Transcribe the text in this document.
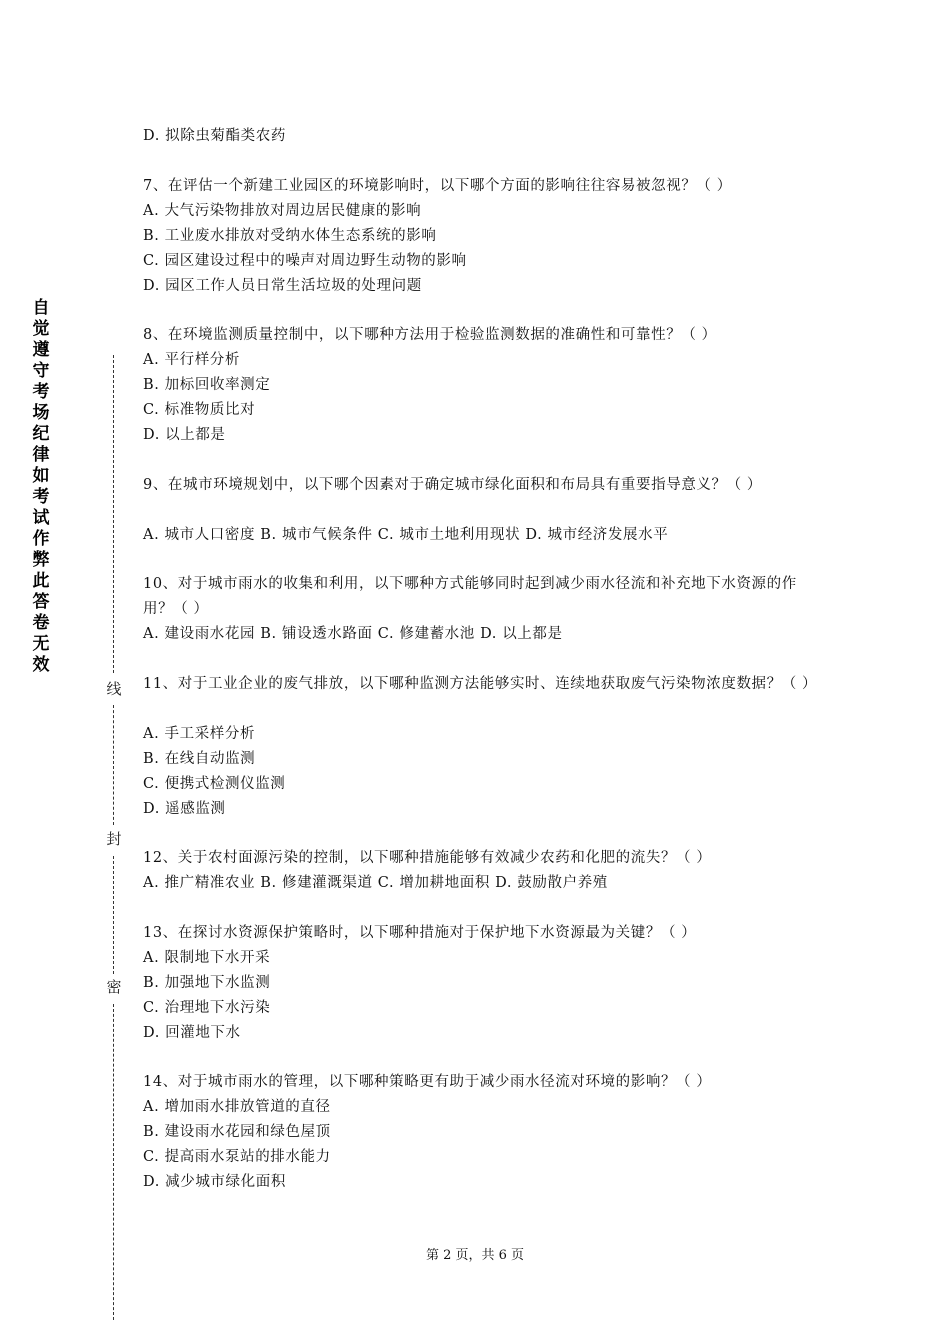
自觉遵守考场纪律如考试作弊此答卷无效
线
封
密
D. 拟除虫菊酯类农药
7、在评估一个新建工业园区的环境影响时，以下哪个方面的影响往往容易被忽视？（ ）
A. 大气污染物排放对周边居民健康的影响
B. 工业废水排放对受纳水体生态系统的影响
C. 园区建设过程中的噪声对周边野生动物的影响
D. 园区工作人员日常生活垃圾的处理问题
8、在环境监测质量控制中，以下哪种方法用于检验监测数据的准确性和可靠性？（ ）
A. 平行样分析
B. 加标回收率测定
C. 标准物质比对
D. 以上都是
9、在城市环境规划中，以下哪个因素对于确定城市绿化面积和布局具有重要指导意义？（ ）
A. 城市人口密度 B. 城市气候条件 C. 城市土地利用现状 D. 城市经济发展水平
10、对于城市雨水的收集和利用，以下哪种方式能够同时起到减少雨水径流和补充地下水资源的作用？（ ）
A. 建设雨水花园 B. 铺设透水路面 C. 修建蓄水池 D. 以上都是
11、对于工业企业的废气排放，以下哪种监测方法能够实时、连续地获取废气污染物浓度数据？（ ）
A. 手工采样分析
B. 在线自动监测
C. 便携式检测仪监测
D. 遥感监测
12、关于农村面源污染的控制，以下哪种措施能够有效减少农药和化肥的流失？（ ）
A. 推广精准农业 B. 修建灌溉渠道 C. 增加耕地面积 D. 鼓励散户养殖
13、在探讨水资源保护策略时，以下哪种措施对于保护地下水资源最为关键？（ ）
A. 限制地下水开采
B. 加强地下水监测
C. 治理地下水污染
D. 回灌地下水
14、对于城市雨水的管理，以下哪种策略更有助于减少雨水径流对环境的影响？（ ）
A. 增加雨水排放管道的直径
B. 建设雨水花园和绿色屋顶
C. 提高雨水泵站的排水能力
D. 减少城市绿化面积
第 2 页，共 6 页
